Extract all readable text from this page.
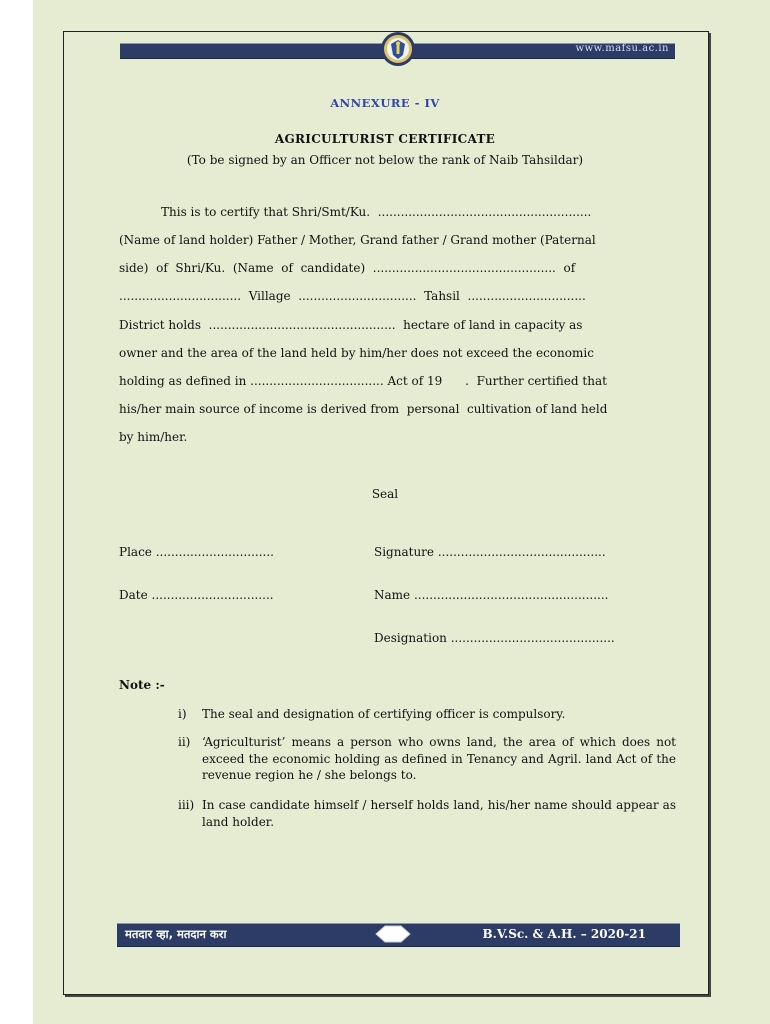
www.mafsu.ac.in
ANNEXURE - IV
AGRICULTURIST CERTIFICATE
(To be signed by an Officer not below the rank of Naib Tahsildar)
This is to certify that Shri/Smt/Ku.  ........................................................
(Name of land holder) Father / Mother, Grand father / Grand mother (Paternal
side)  of  Shri/Ku.  (Name  of  candidate)  ................................................  of
................................  Village  ...............................  Tahsil  ...............................
District holds  .................................................  hectare of land in capacity as
owner and the area of the land held by him/her does not exceed the economic
holding as defined in ................................... Act of 19      .  Further certified that
his/her main source of income is derived from  personal  cultivation of land held
by him/her.
Seal
Place ...............................	Signature ............................................
Date ................................	Name ...................................................
Designation ...........................................
Note :-
i)	The seal and designation of certifying officer is compulsory.
ii) ‘Agriculturist’ means a person who owns land, the area of which does not exceed the economic holding as defined in Tenancy and Agril. land Act of the revenue region he / she belongs to.
iii) In case candidate himself / herself holds land, his/her name should appear as land holder.
मतदार व्हा, मतदान करा	B.V.Sc. & A.H. – 2020-21
